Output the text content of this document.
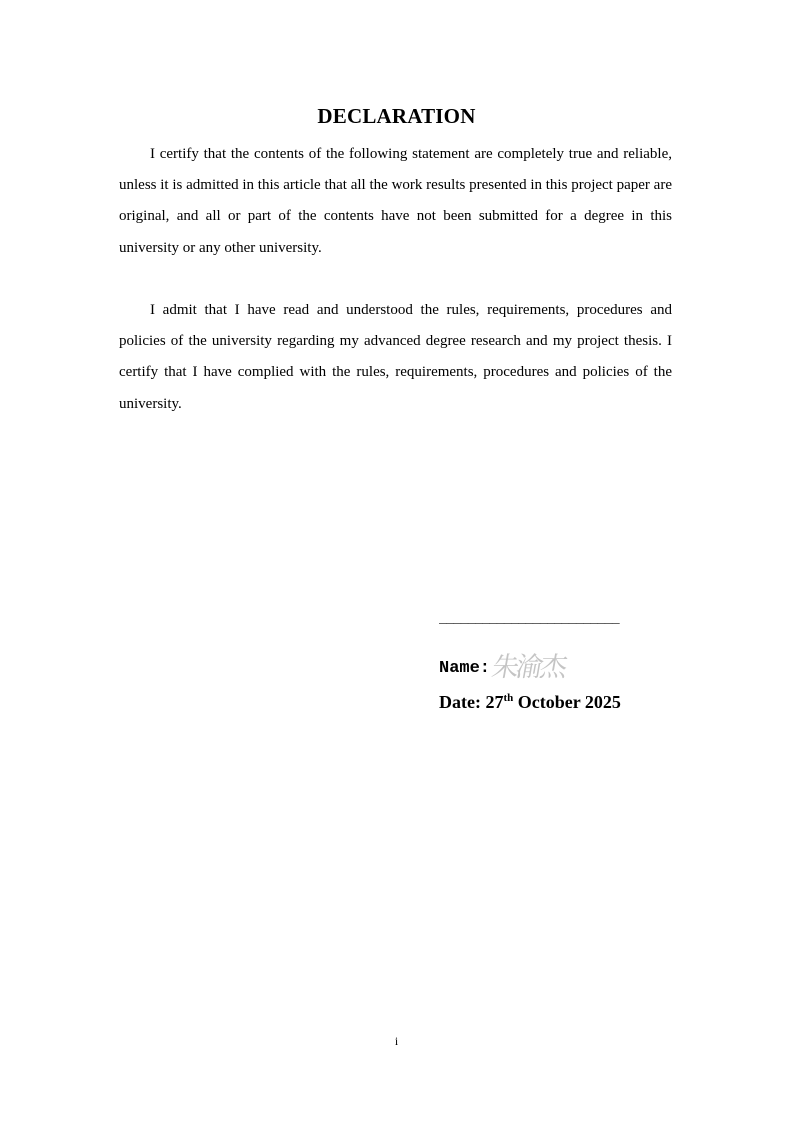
DECLARATION

I certify that the contents of the following statement are completely true and reliable, unless it is admitted in this article that all the work results presented in this project paper are original, and all or part of the contents have not been submitted for a degree in this university or any other university.

I admit that I have read and understood the rules, requirements, procedures and policies of the university regarding my advanced degree research and my project thesis. I certify that I have complied with the rules, requirements, procedures and policies of the university.

_________________________
Name: 朱渝杰
Date: 27th October 2025
i
